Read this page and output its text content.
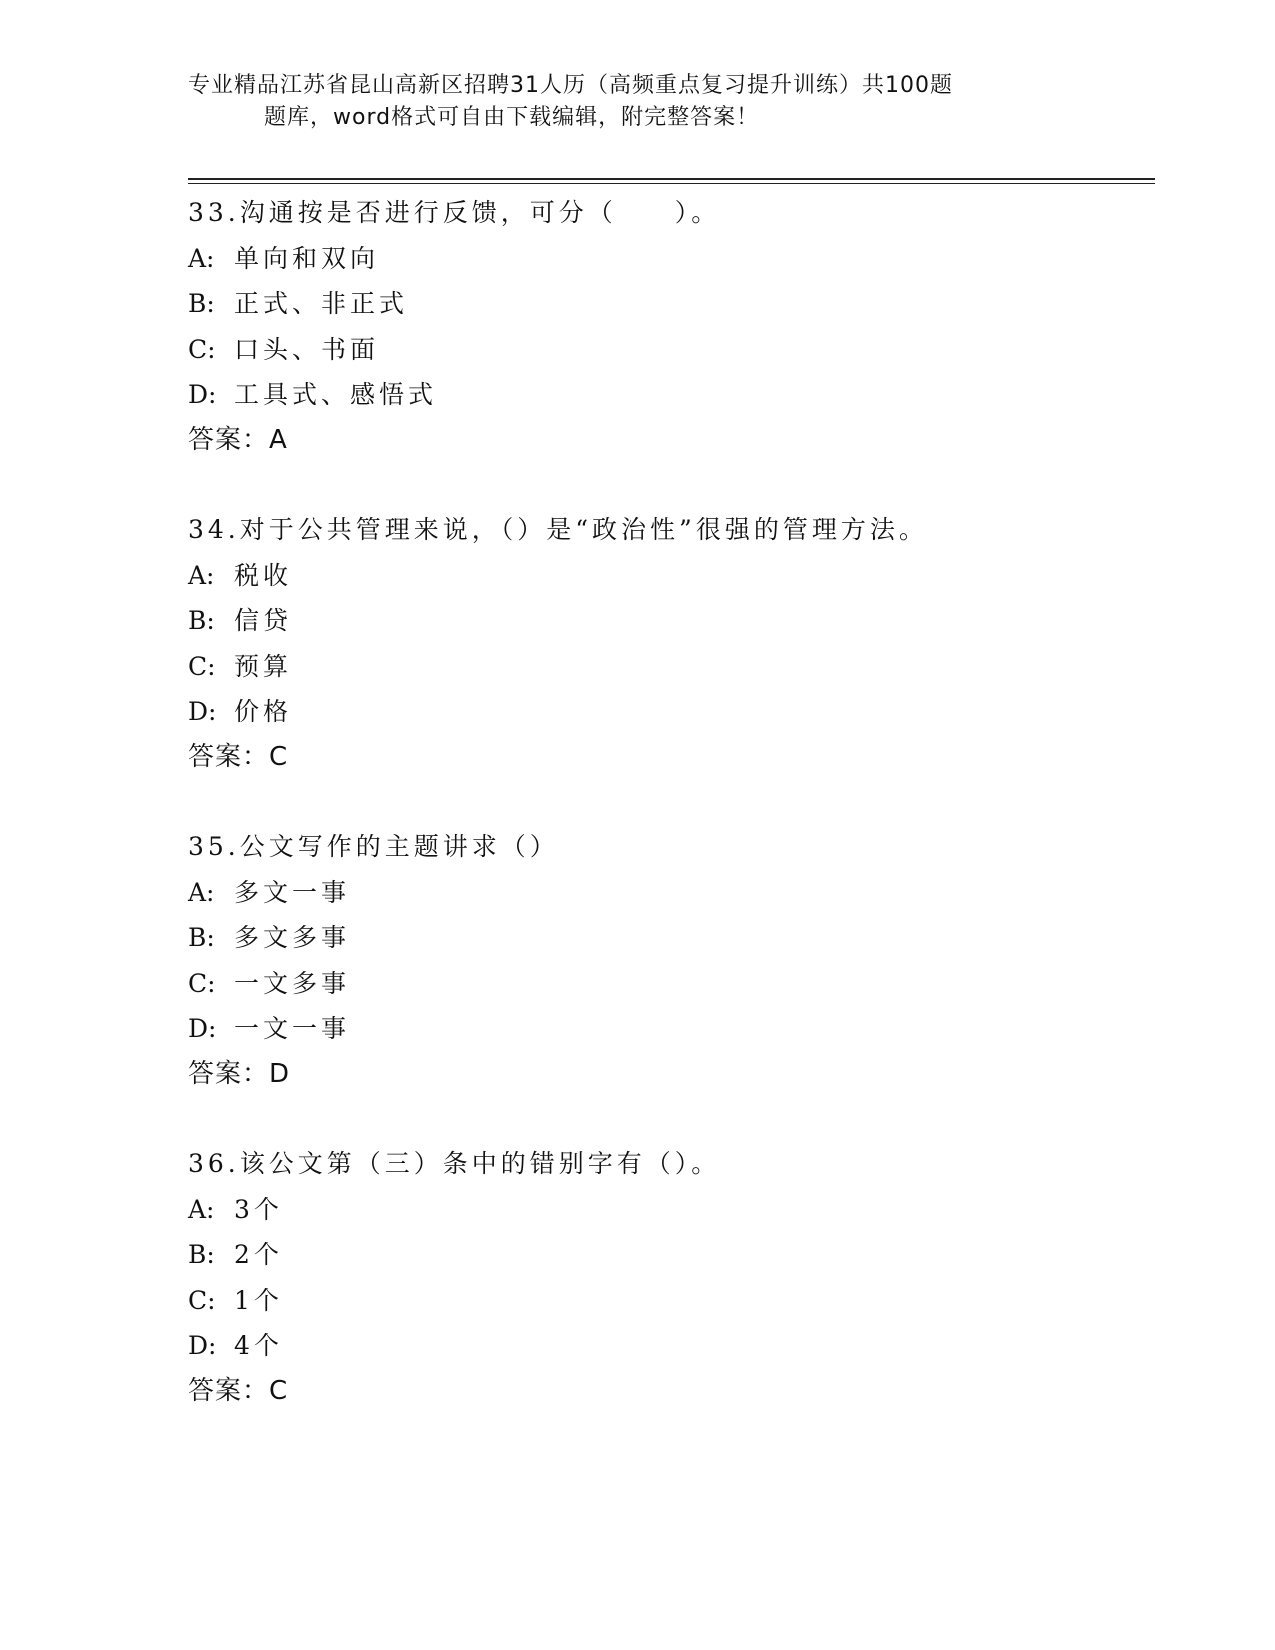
专业精品江苏省昆山高新区招聘31人历（高频重点复习提升训练）共100题
题库，word格式可自由下载编辑，附完整答案！
33.沟通按是否进行反馈，可分（　　）。
A: 单向和双向
B: 正式、非正式
C: 口头、书面
D: 工具式、感悟式
答案：A
34.对于公共管理来说，（）是“政治性”很强的管理方法。
A: 税收
B: 信贷
C: 预算
D: 价格
答案：C
35.公文写作的主题讲求（）
A: 多文一事
B: 多文多事
C: 一文多事
D: 一文一事
答案：D
36.该公文第（三）条中的错别字有（）。
A: 3个
B: 2个
C: 1个
D: 4个
答案：C
